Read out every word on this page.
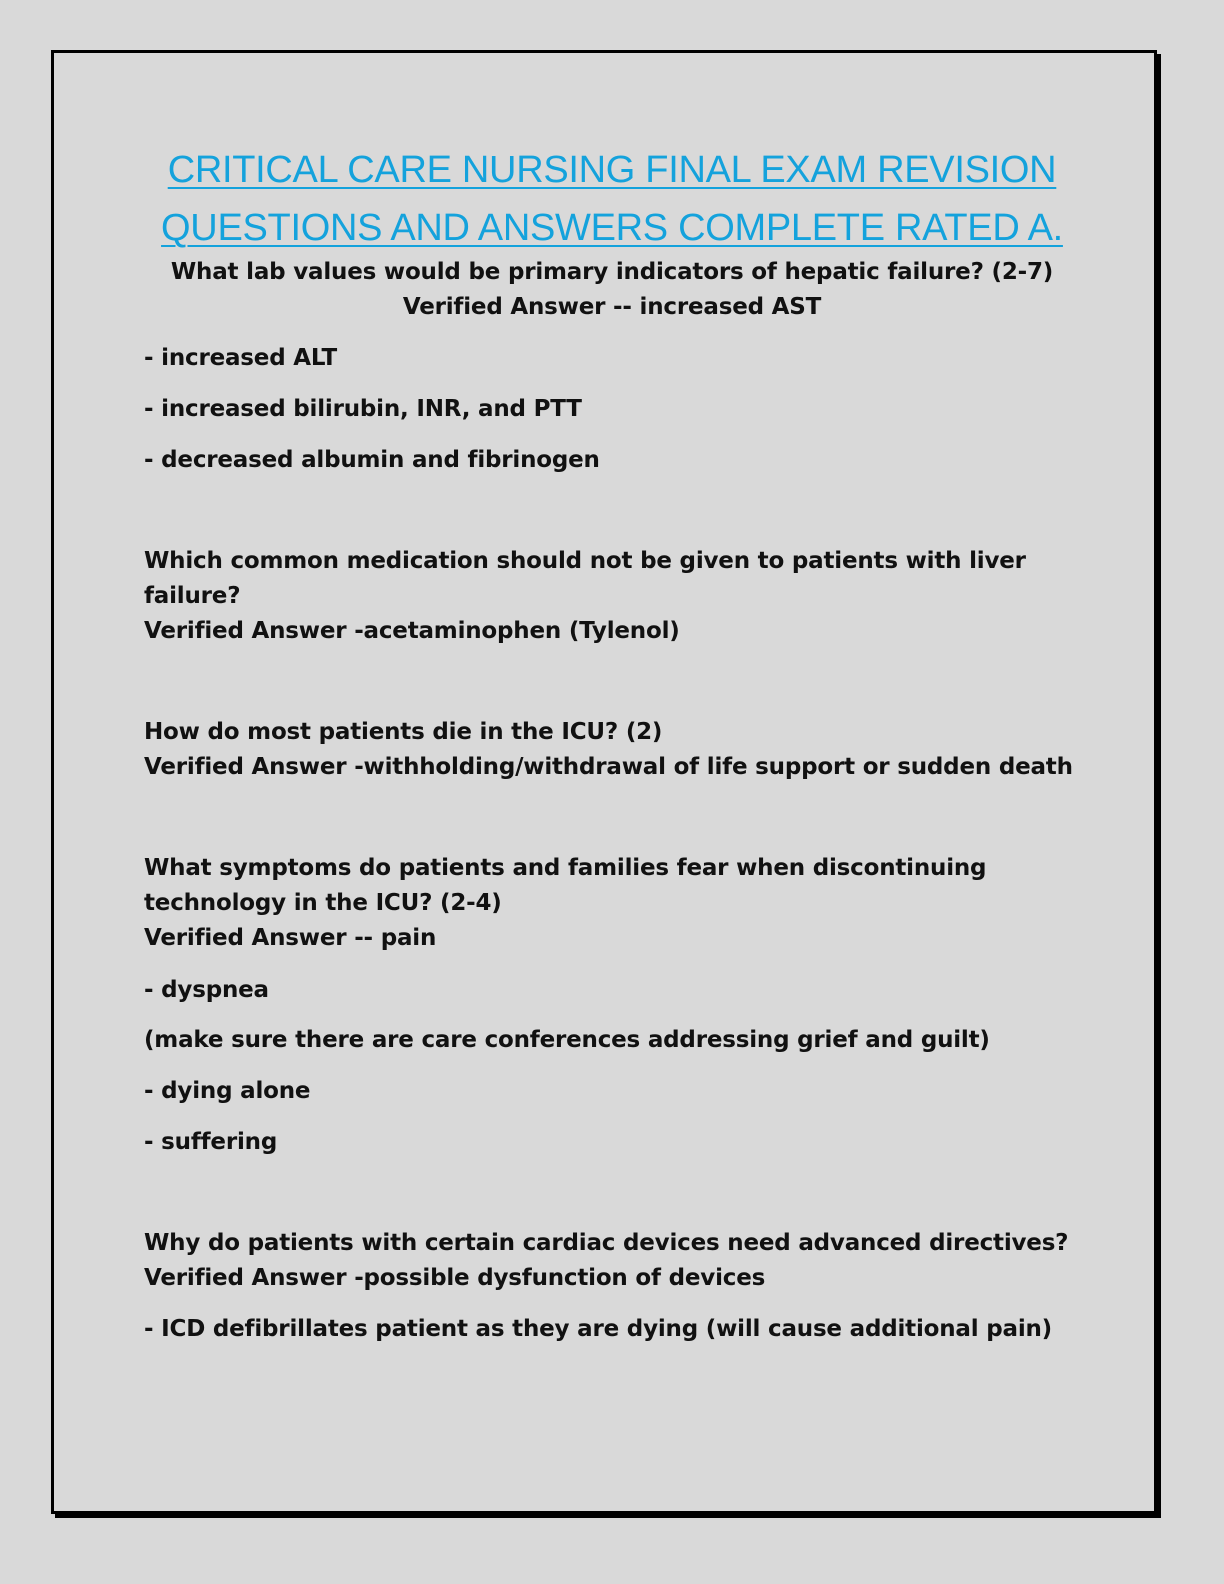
CRITICAL CARE NURSING FINAL EXAM REVISION
QUESTIONS AND ANSWERS COMPLETE RATED A.

What lab values would be primary indicators of hepatic failure? (2-7)

Verified Answer -- increased AST

- increased ALT

- increased bilirubin, INR, and PTT

- decreased albumin and fibrinogen

Which common medication should not be given to patients with liver

failure?

Verified Answer -acetaminophen (Tylenol)

How do most patients die in the ICU? (2)

Verified Answer -withholding/withdrawal of life support or sudden death

What symptoms do patients and families fear when discontinuing

technology in the ICU? (2-4)

Verified Answer -- pain

- dyspnea

(make sure there are care conferences addressing grief and guilt)

- dying alone

- suffering

Why do patients with certain cardiac devices need advanced directives?

Verified Answer -possible dysfunction of devices

- ICD defibrillates patient as they are dying (will cause additional pain)
